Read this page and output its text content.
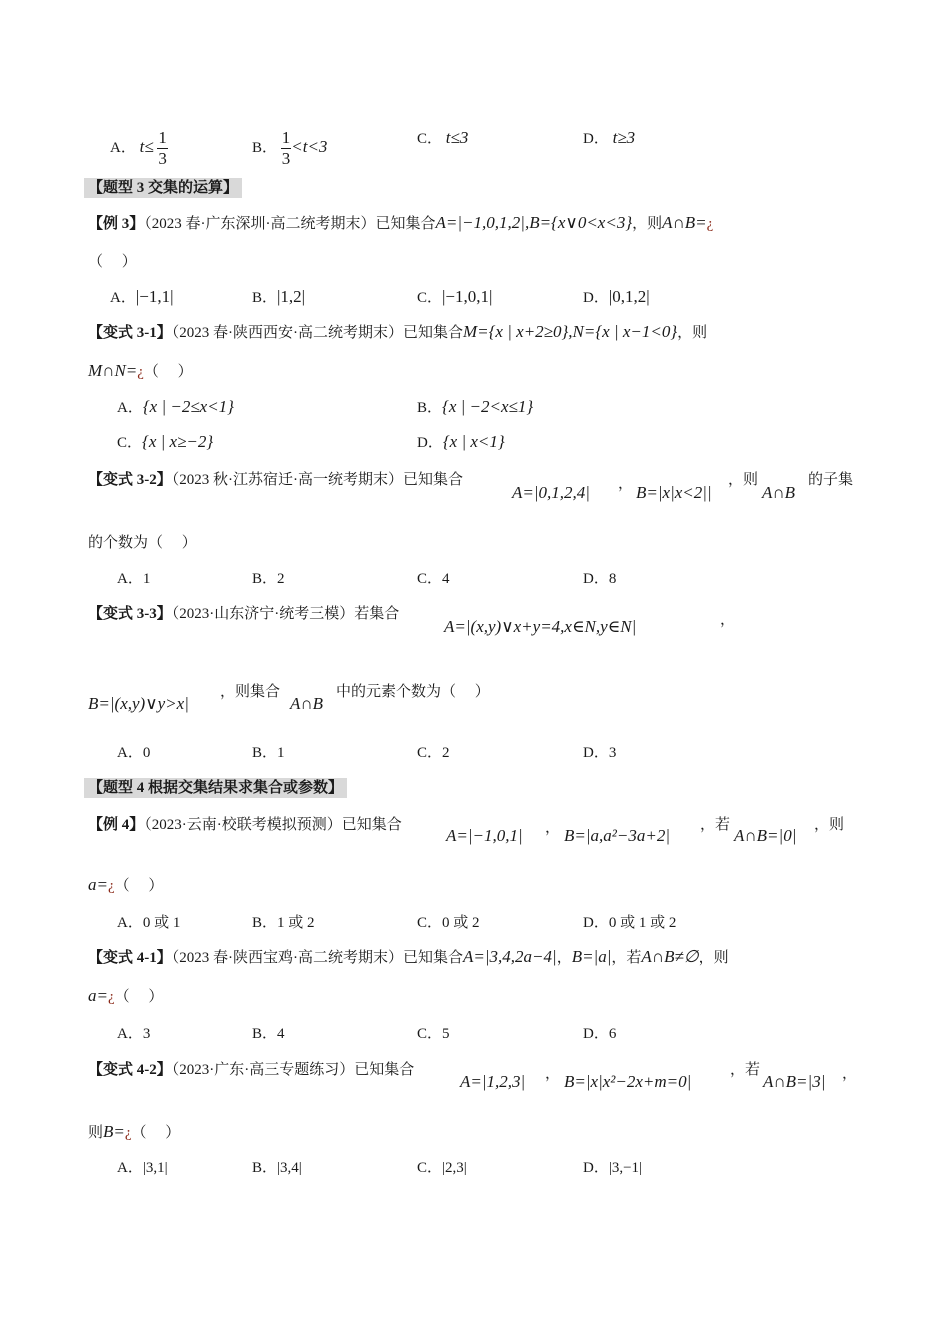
A． $t\le \frac{1}{3}$	B． $\frac{1}{3} <t<3$	C． t≤3	D． t≥3
【题型 3 交集的运算】
【例 3】（2023 春·广东深圳·高二统考期末）已知集合A=|−1,0,1,2|,B={x∨0<x<3}，则A∩B=¿
（　 ）
A．|−1,1|	B．|1,2|	C．|−1,0,1|	D．|0,1,2|
【变式 3-1】（2023 春·陕西西安·高二统考期末）已知集合M={x | x+2≥0},N={x | x−1<0}，则
M∩N=¿（　 ）
A．{x | −2≤x<1}	B．{x | −2<x≤1}
C．{x | x≥−2}	D．{x | x<1}
【变式 3-2】（2023 秋·江苏宿迁·高一统考期末）已知集合
A=|0,1,2,4| ， B=|x|x<2||
，则
A∩B
的子集
的个数为（　 ）
A．1	B．2	C．4	D．8
【变式 3-3】（2023·山东济宁·统考三模）若集合
A=|(x,y)∨x+y=4,x∈N,y∈N|	，
B=|(x,y)∨y>x|
，则集合
A∩B
中的元素个数为（　 ）
A．0	B．1	C．2	D．3
【题型 4 根据交集结果求集合或参数】
【例 4】（2023·云南·校联考模拟预测）已知集合
A=|−1,0,1| ， B=|a,a²−3a+2|
，若
A∩B=|0|
，则
a=¿（　 ）
A．0 或 1	B．1 或 2	C．0 或 2	D．0 或 1 或 2
【变式 4-1】（2023 春·陕西宝鸡·高二统考期末）已知集合A=|3,4,2a−4|，B=|a|，若A∩B≠∅，则
a=¿（　 ）
A．3	B．4	C．5	D．6
【变式 4-2】（2023·广东·高三专题练习）已知集合
A=|1,2,3| ， B=|x|x²−2x+m=0|
，若
A∩B=|3| ，
则B=¿（　 ）
A．|3,1|	B．|3,4|	C．|2,3|	D．|3,−1|
